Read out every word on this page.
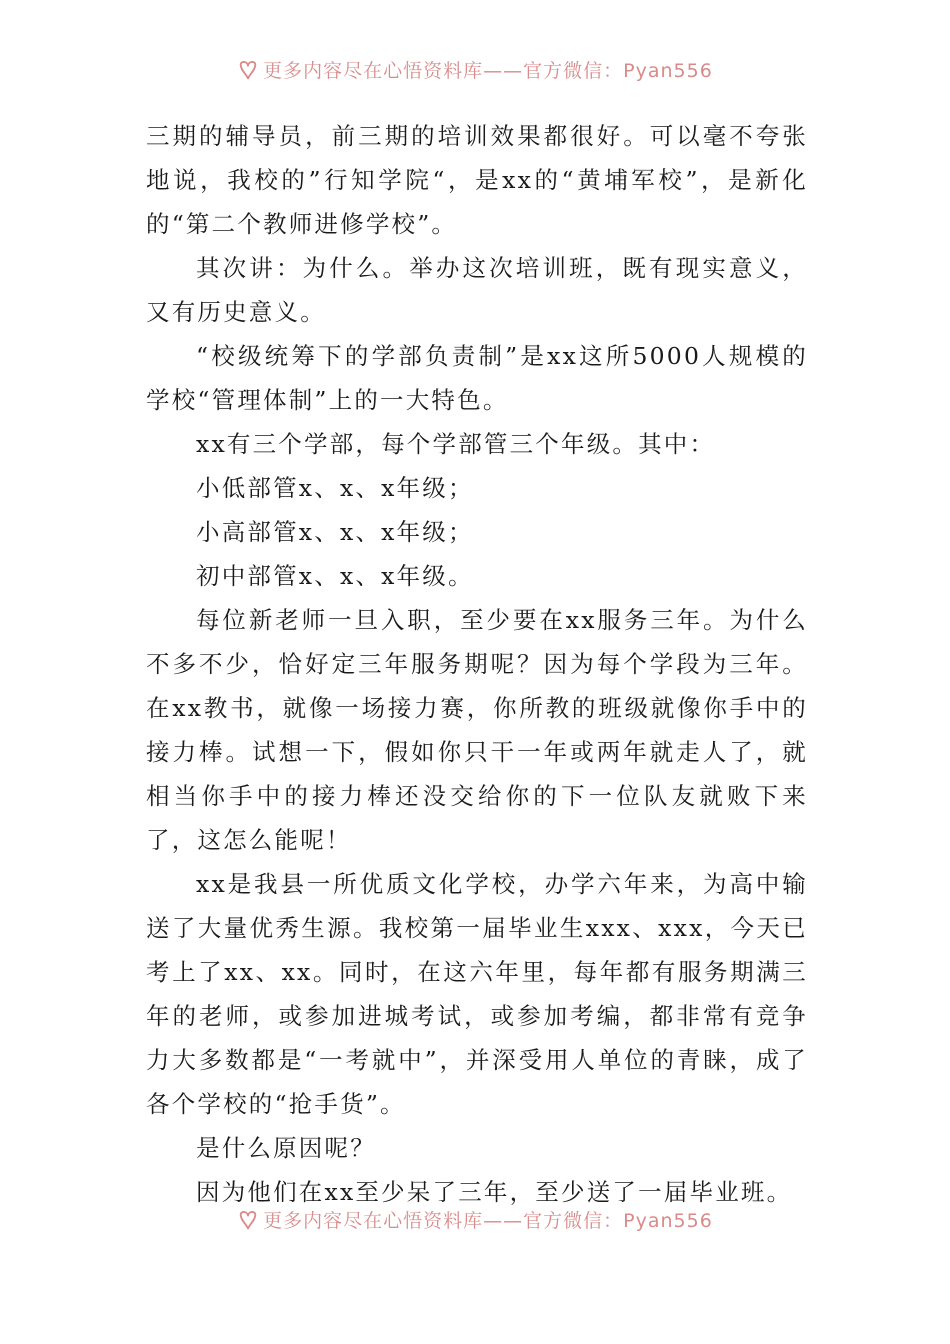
更多内容尽在心悟资料库——官方微信：Pyan556

三期的辅导员，前三期的培训效果都很好。可以毫不夸张地说，我校的”行知学院“，是xx的“黄埔军校”，是新化的“第二个教师进修学校”。

其次讲：为什么。举办这次培训班，既有现实意义，又有历史意义。

“校级统筹下的学部负责制”是xx这所5000人规模的学校“管理体制”上的一大特色。

xx有三个学部，每个学部管三个年级。其中：

小低部管x、x、x年级；

小高部管x、x、x年级；

初中部管x、x、x年级。

每位新老师一旦入职，至少要在xx服务三年。为什么不多不少，恰好定三年服务期呢？因为每个学段为三年。在xx教书，就像一场接力赛，你所教的班级就像你手中的接力棒。试想一下，假如你只干一年或两年就走人了，就相当你手中的接力棒还没交给你的下一位队友就败下来了，这怎么能呢！

xx是我县一所优质文化学校，办学六年来，为高中输送了大量优秀生源。我校第一届毕业生xxx、xxx，今天已考上了xx、xx。同时，在这六年里，每年都有服务期满三年的老师，或参加进城考试，或参加考编，都非常有竞争力大多数都是“一考就中”，并深受用人单位的青睐，成了各个学校的“抢手货”。

是什么原因呢？

因为他们在xx至少呆了三年，至少送了一届毕业班。

更多内容尽在心悟资料库——官方微信：Pyan556
